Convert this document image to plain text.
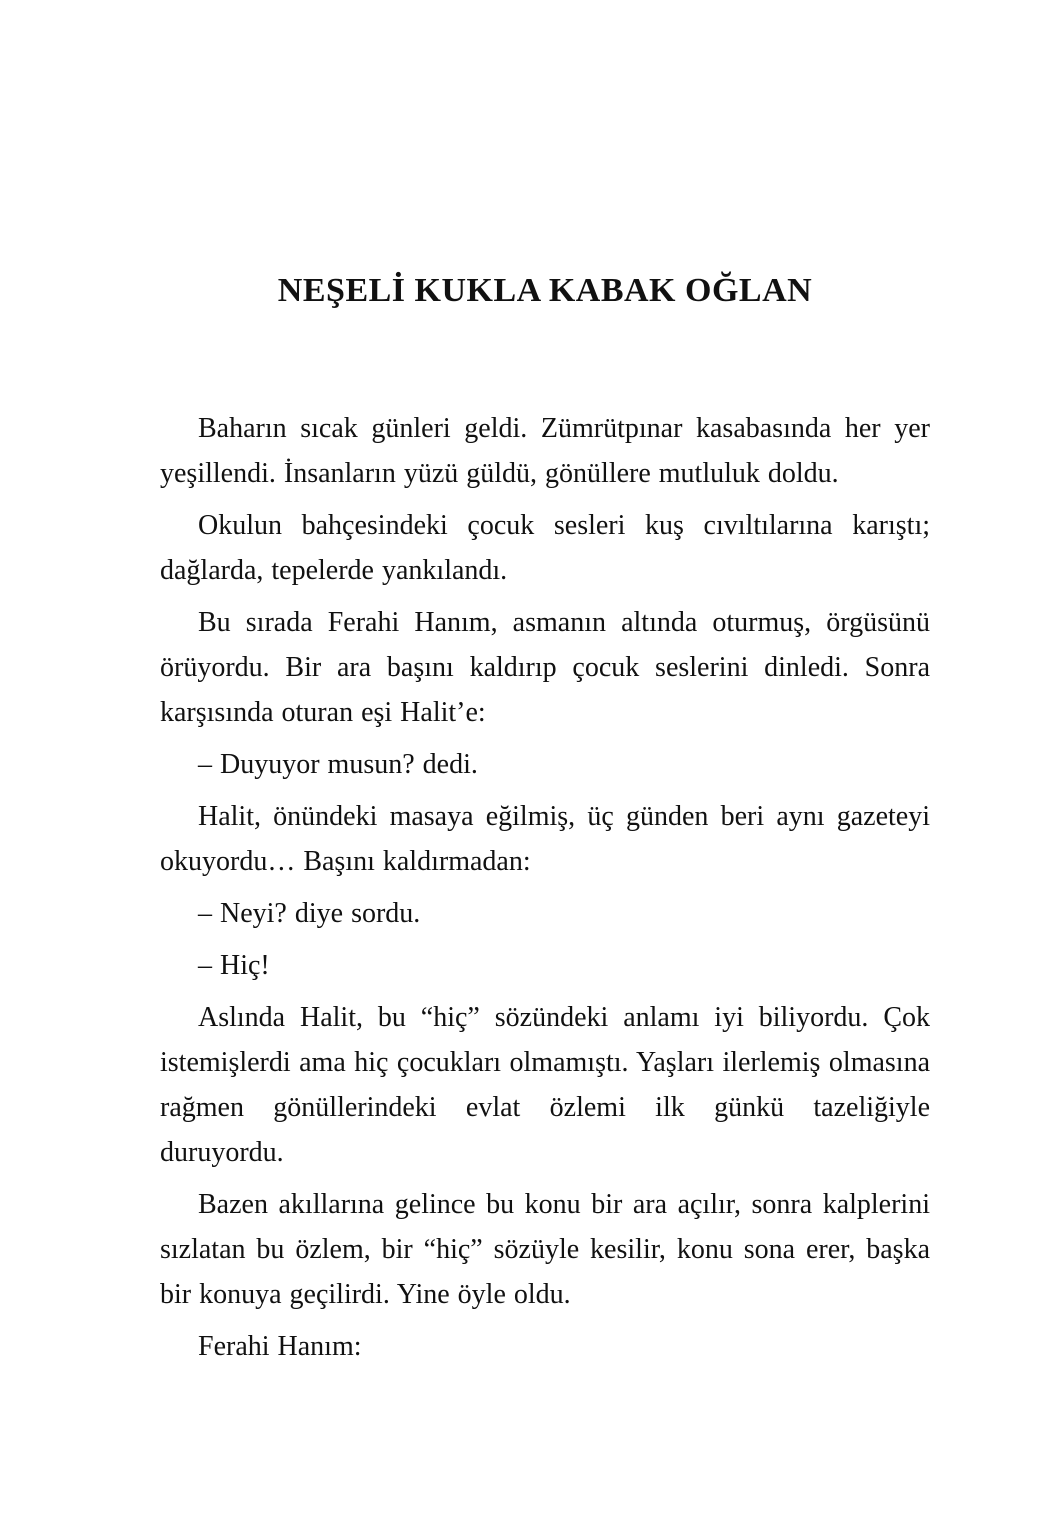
NEŞELİ KUKLA KABAK OĞLAN

Baharın sıcak günleri geldi. Zümrütpınar kasabasında her yer yeşillendi. İnsanların yüzü güldü, gönüllere mutluluk doldu.

Okulun bahçesindeki çocuk sesleri kuş cıvıltılarına karıştı; dağlarda, tepelerde yankılandı.

Bu sırada Ferahi Hanım, asmanın altında oturmuş, örgüsünü örüyordu. Bir ara başını kaldırıp çocuk seslerini dinledi. Sonra karşısında oturan eşi Halit’e:

– Duyuyor musun? dedi.

Halit, önündeki masaya eğilmiş, üç günden beri aynı gazeteyi okuyordu… Başını kaldırmadan:

– Neyi? diye sordu.

– Hiç!

Aslında Halit, bu “hiç” sözündeki anlamı iyi biliyordu. Çok istemişlerdi ama hiç çocukları olmamıştı. Yaşları ilerlemiş olmasına rağmen gönüllerindeki evlat özlemi ilk günkü tazeliğiyle duruyordu.

Bazen akıllarına gelince bu konu bir ara açılır, sonra kalplerini sızlatan bu özlem, bir “hiç” sözüyle kesilir, konu sona erer, başka bir konuya geçilirdi. Yine öyle oldu.

Ferahi Hanım:
